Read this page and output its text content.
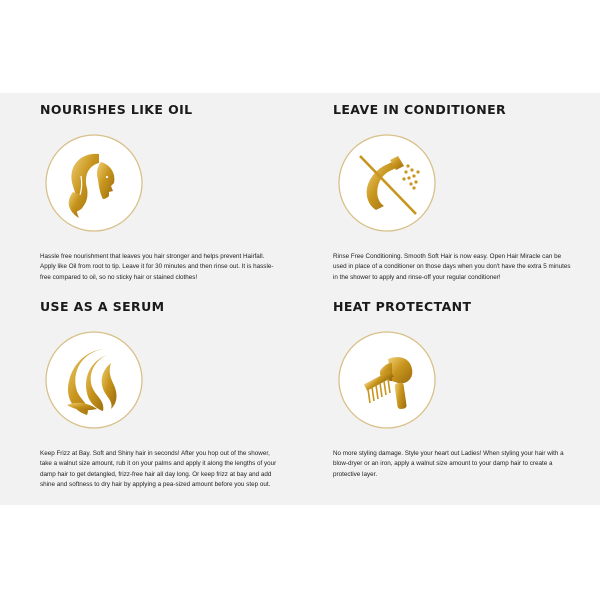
NOURISHES LIKE OIL

Hassle free nourishment that leaves you hair stronger and helps prevent Hairfall. Apply like Oil from root to tip. Leave it for 30 minutes and then rinse out. It is hassle-free compared to oil, so no sticky hair or stained clothes!

LEAVE IN CONDITIONER

Rinse Free Conditioning. Smooth Soft Hair is now easy. Open Hair Miracle can be used in place of a conditioner on those days when you don't have the extra 5 minutes in the shower to apply and rinse-off your regular conditioner!

USE AS A SERUM

Keep Frizz at Bay. Soft and Shiny hair in seconds! After you hop out of the shower, take a walnut size amount, rub it on your palms and apply it along the lengths of your damp hair to get detangled, frizz-free hair all day long. Or keep frizz at bay and add shine and softness to dry hair by applying a pea-sized amount before you step out.

HEAT PROTECTANT

No more styling damage. Style your heart out Ladies! When styling your hair with a blow-dryer or an iron, apply a walnut size amount to your damp hair to create a protective layer.
